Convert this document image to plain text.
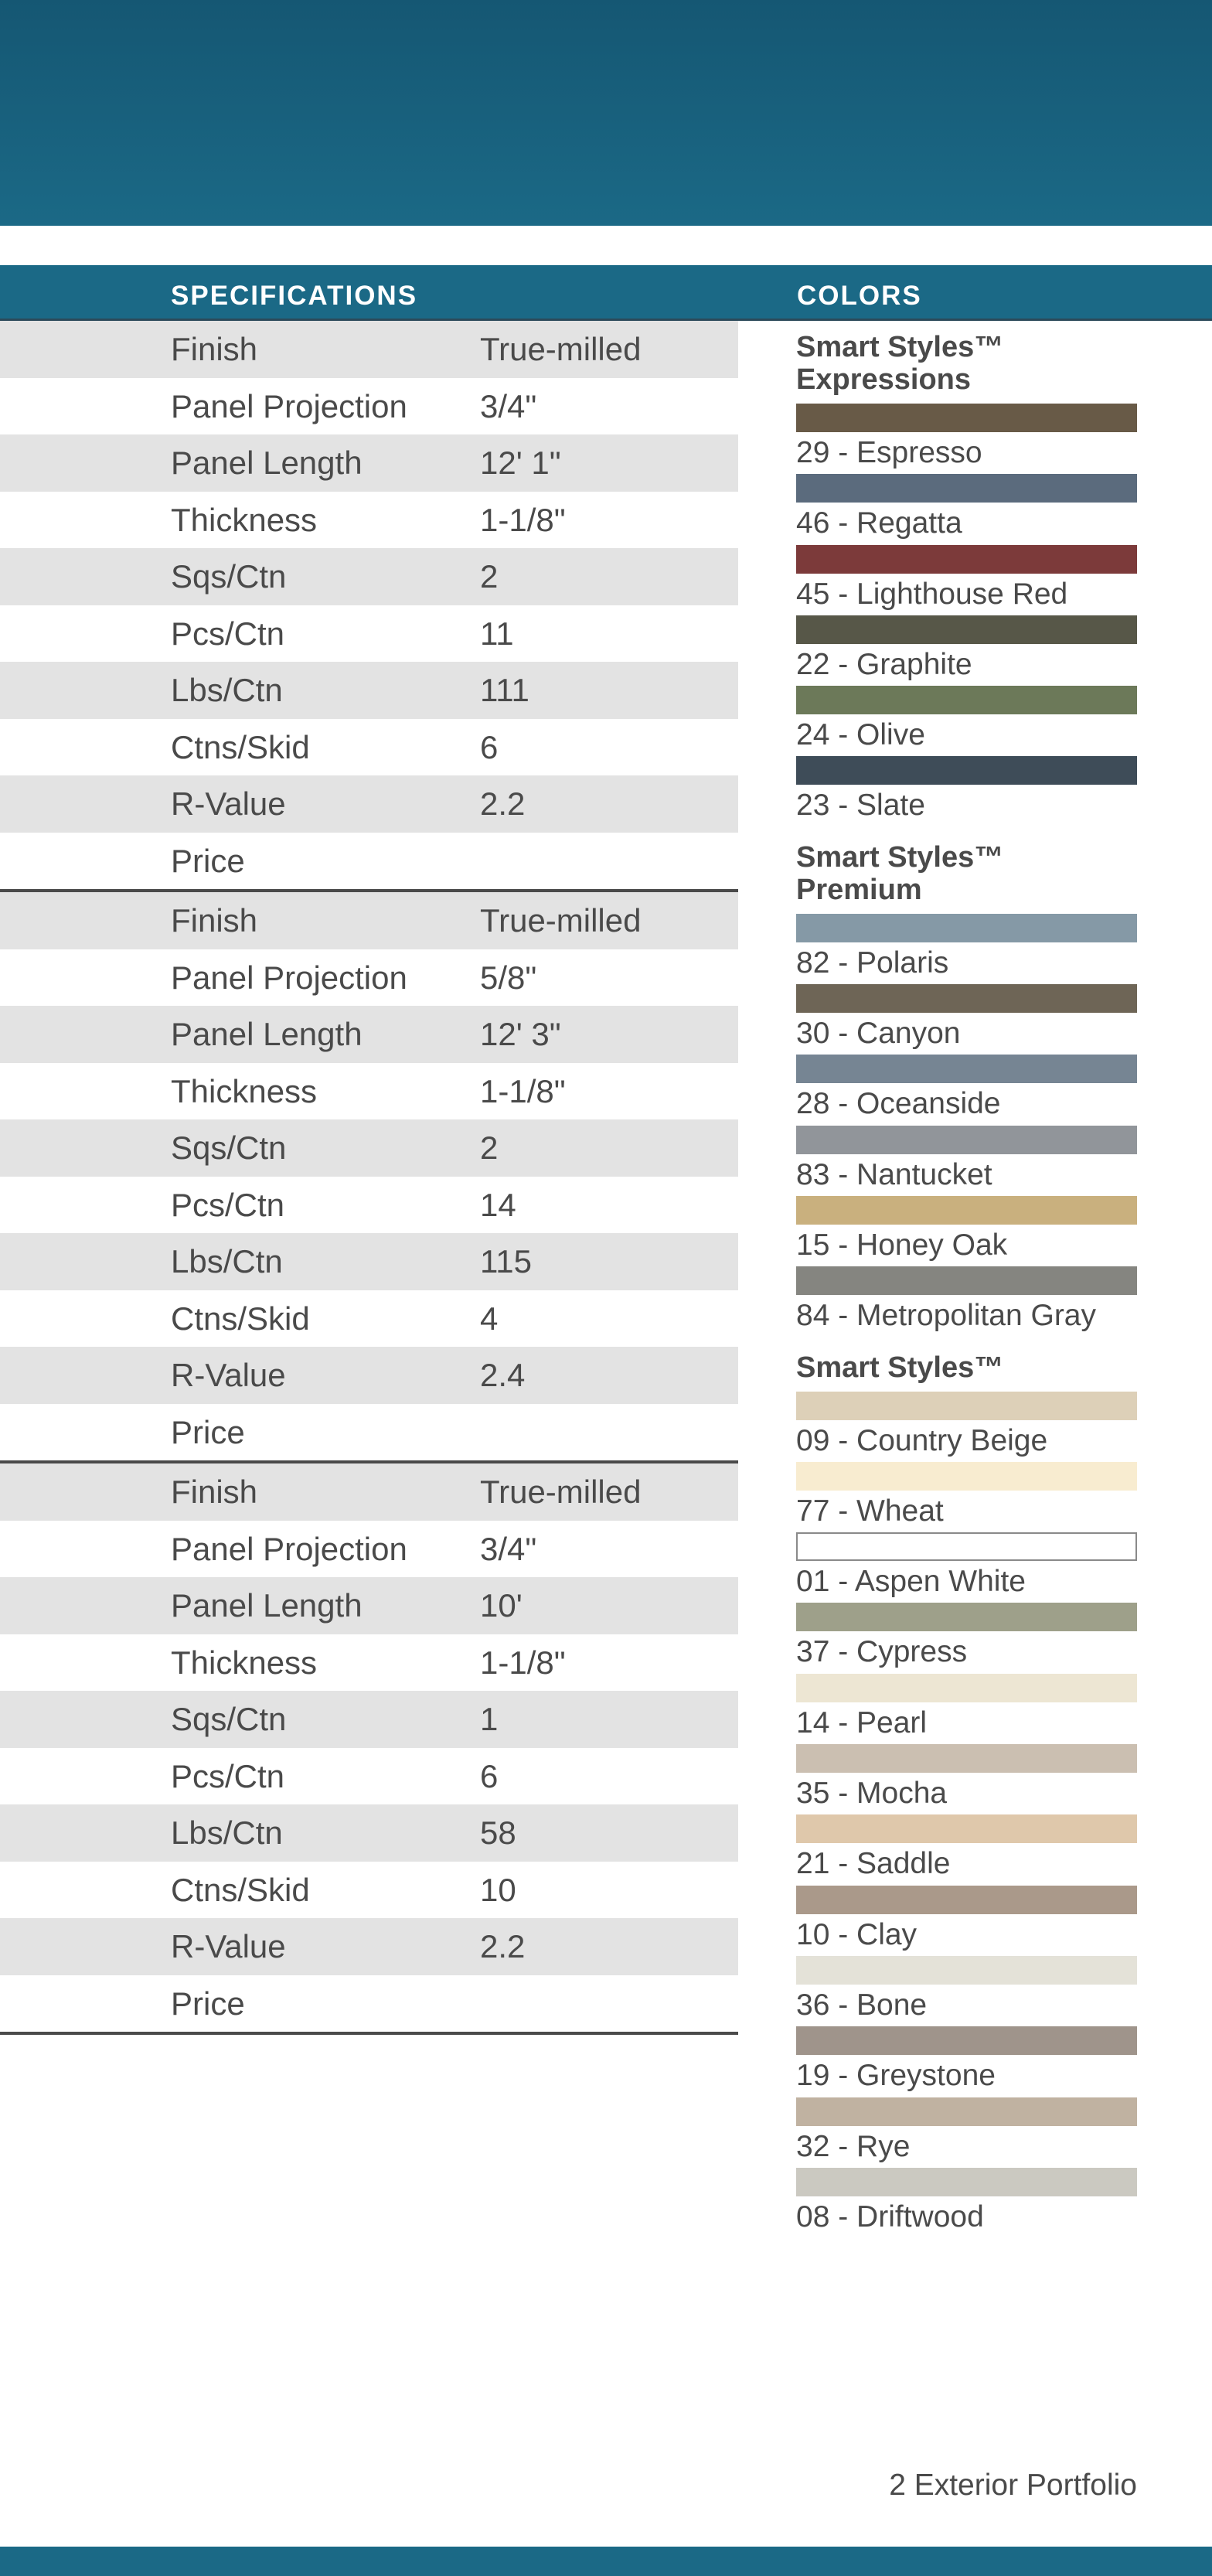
SPECIFICATIONS	COLORS
Finish	True-milled
Panel Projection 3/4"
Panel Length	12' 1"
Thickness	1-1/8"
Sqs/Ctn	2
Pcs/Ctn	11
Lbs/Ctn	111
Ctns/Skid	6
R-Value	2.2
Price
Finish	True-milled
Panel Projection 5/8"
Panel Length	12' 3"
Thickness	1-1/8"
Sqs/Ctn	2
Pcs/Ctn	14
Lbs/Ctn	115
Ctns/Skid	4
R-Value	2.4
Price
Finish	True-milled
Panel Projection 3/4"
Panel Length	10'
Thickness	1-1/8"
Sqs/Ctn	1
Pcs/Ctn	6
Lbs/Ctn	58
Ctns/Skid	10
R-Value	2.2
Price
Smart Styles™
Expressions
29 - Espresso
46 - Regatta
45 - Lighthouse Red
22 - Graphite
24 - Olive
23 - Slate
Smart Styles™
Premium
82 - Polaris
30 - Canyon
28 - Oceanside
83 - Nantucket
15 - Honey Oak
84 - Metropolitan Gray
Smart Styles™
09 - Country Beige
77 - Wheat
01 - Aspen White
37 - Cypress
14 - Pearl
35 - Mocha
21 - Saddle
10 - Clay
36 - Bone
19 - Greystone
32 - Rye
08 - Driftwood
2 Exterior Portfolio
